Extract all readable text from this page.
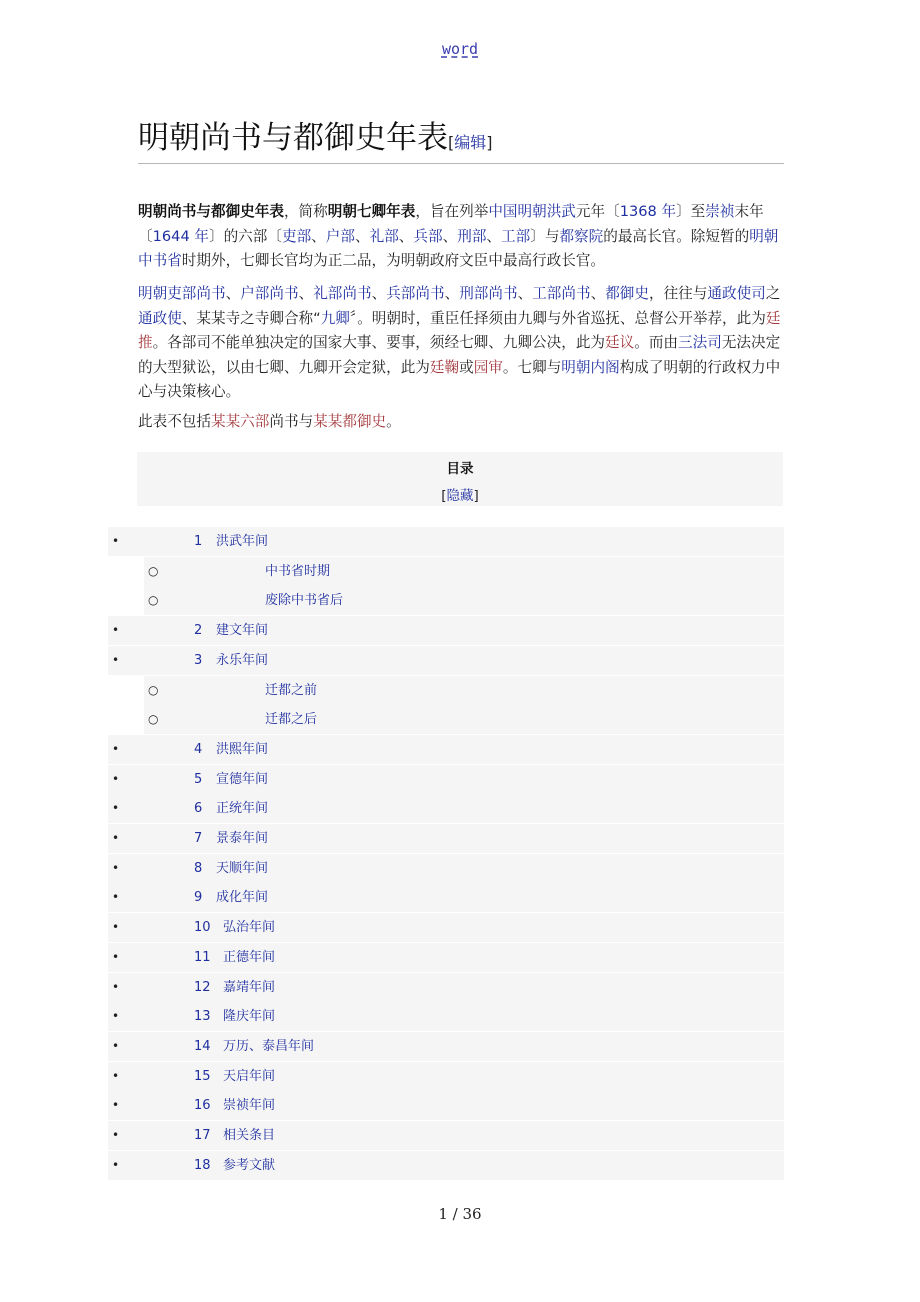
word
明朝尚书与都御史年表[编辑]
明朝尚书与都御史年表，简称明朝七卿年表，旨在列举中国明朝洪武元年〔1368 年〕至崇祯末年〔1644 年〕的六部〔吏部、户部、礼部、兵部、刑部、工部〕与都察院的最高长官。除短暂的明朝中书省时期外，七卿长官均为正二品，为明朝政府文臣中最高行政长官。
明朝吏部尚书、户部尚书、礼部尚书、兵部尚书、刑部尚书、工部尚书、都御史，往往与通政使司之通政使、某某寺之寺卿合称“九卿〞。明朝时，重臣任择须由九卿与外省巡抚、总督公开举荐，此为廷推。各部司不能单独决定的国家大事、要事，须经七卿、九卿公决，此为廷议。而由三法司无法决定的大型狱讼，以由七卿、九卿开会定狱，此为廷鞠或园审。七卿与明朝内阁构成了明朝的行政权力中心与决策核心。
此表不包括某某六部尚书与某某都御史。
目录
[隐藏]
•	1 洪武年间
○	中书省时期
○	废除中书省后
•	2 建文年间
•	3 永乐年间
○	迁都之前
○	迁都之后
•	4 洪熙年间
•	5 宣德年间
•	6 正统年间
•	7 景泰年间
•	8 天顺年间
•	9 成化年间
•	10 弘治年间
•	11 正德年间
•	12 嘉靖年间
•	13 隆庆年间
•	14 万历、泰昌年间
•	15 天启年间
•	16 崇祯年间
•	17 相关条目
•	18 参考文献
1 / 36
